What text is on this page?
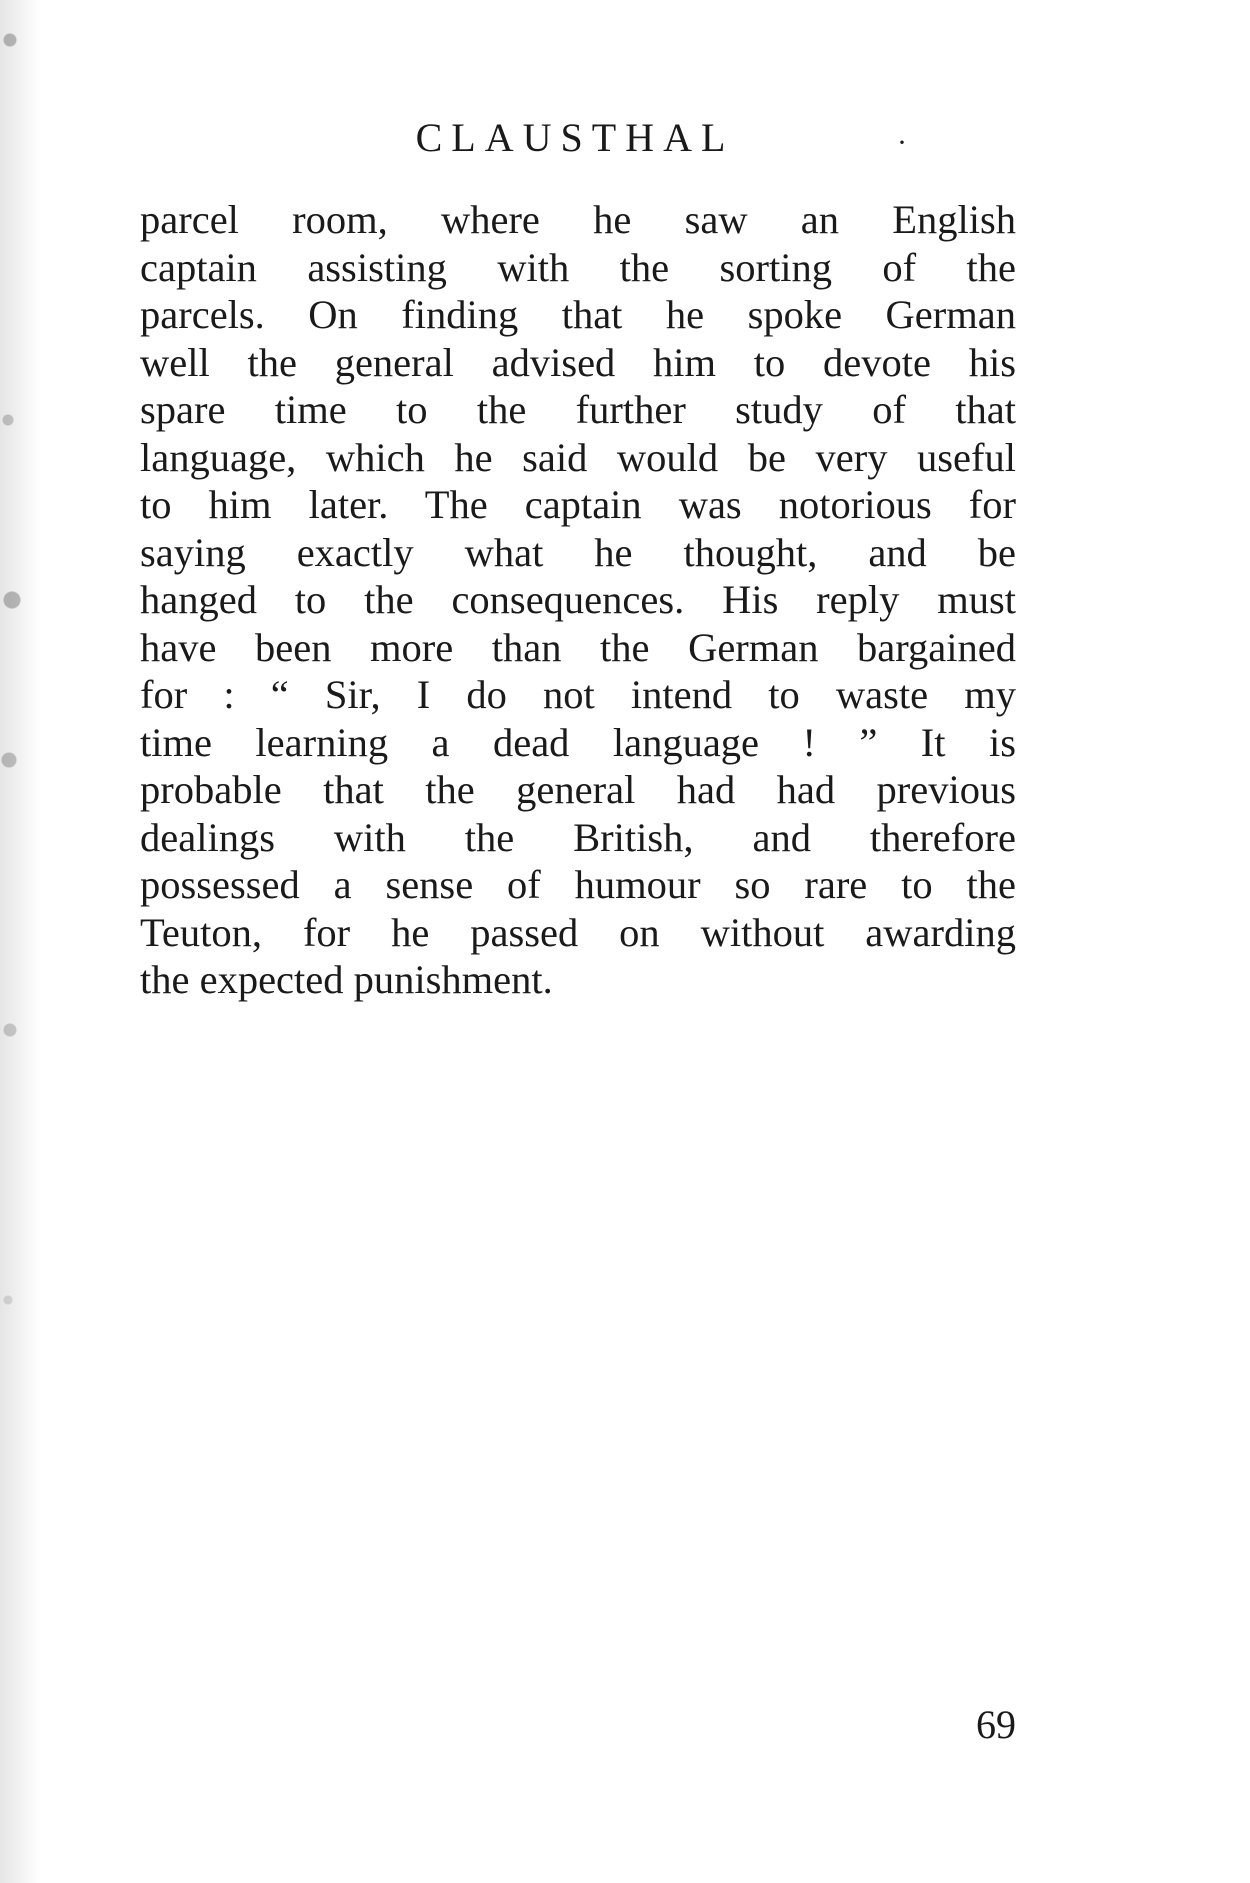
CLAUSTHAL	·
parcel room, where he saw an English
captain assisting with the sorting of the
parcels. On finding that he spoke German
well the general advised him to devote his
spare time to the further study of that
language, which he said would be very useful
to him later. The captain was notorious for
saying exactly what he thought, and be
hanged to the consequences. His reply must
have been more than the German bargained
for : “ Sir, I do not intend to waste my
time learning a dead language ! ” It is
probable that the general had had previous
dealings with the British, and therefore
possessed a sense of humour so rare to the
Teuton, for he passed on without awarding
the expected punishment.
69
